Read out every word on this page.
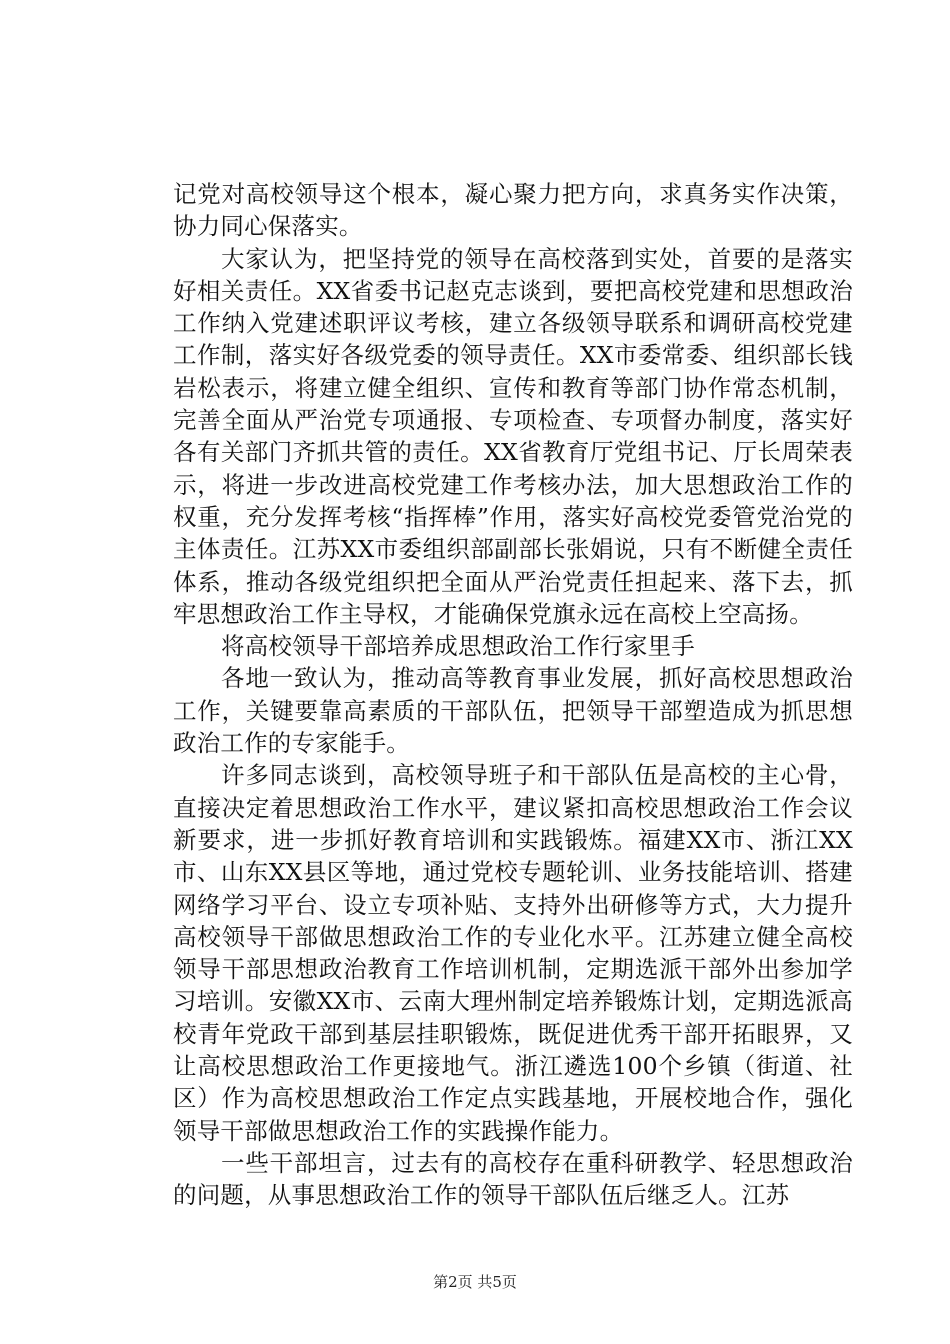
记党对高校领导这个根本，凝心聚力把方向，求真务实作决策，协力同心保落实。

大家认为，把坚持党的领导在高校落到实处，首要的是落实好相关责任。XX省委书记赵克志谈到，要把高校党建和思想政治工作纳入党建述职评议考核，建立各级领导联系和调研高校党建工作制，落实好各级党委的领导责任。XX市委常委、组织部长钱岩松表示，将建立健全组织、宣传和教育等部门协作常态机制，完善全面从严治党专项通报、专项检查、专项督办制度，落实好各有关部门齐抓共管的责任。XX省教育厅党组书记、厅长周荣表示，将进一步改进高校党建工作考核办法，加大思想政治工作的权重，充分发挥考核“指挥棒”作用，落实好高校党委管党治党的主体责任。江苏XX市委组织部副部长张娟说，只有不断健全责任体系，推动各级党组织把全面从严治党责任担起来、落下去，抓牢思想政治工作主导权，才能确保党旗永远在高校上空高扬。

将高校领导干部培养成思想政治工作行家里手

各地一致认为，推动高等教育事业发展，抓好高校思想政治工作，关键要靠高素质的干部队伍，把领导干部塑造成为抓思想政治工作的专家能手。

许多同志谈到，高校领导班子和干部队伍是高校的主心骨，直接决定着思想政治工作水平，建议紧扣高校思想政治工作会议新要求，进一步抓好教育培训和实践锻炼。福建XX市、浙江XX市、山东XX县区等地，通过党校专题轮训、业务技能培训、搭建网络学习平台、设立专项补贴、支持外出研修等方式，大力提升高校领导干部做思想政治工作的专业化水平。江苏建立健全高校领导干部思想政治教育工作培训机制，定期选派干部外出参加学习培训。安徽XX市、云南大理州制定培养锻炼计划，定期选派高校青年党政干部到基层挂职锻炼，既促进优秀干部开拓眼界，又让高校思想政治工作更接地气。浙江遴选100个乡镇（街道、社区）作为高校思想政治工作定点实践基地，开展校地合作，强化领导干部做思想政治工作的实践操作能力。

一些干部坦言，过去有的高校存在重科研教学、轻思想政治的问题，从事思想政治工作的领导干部队伍后继乏人。江苏

第2页 共5页
